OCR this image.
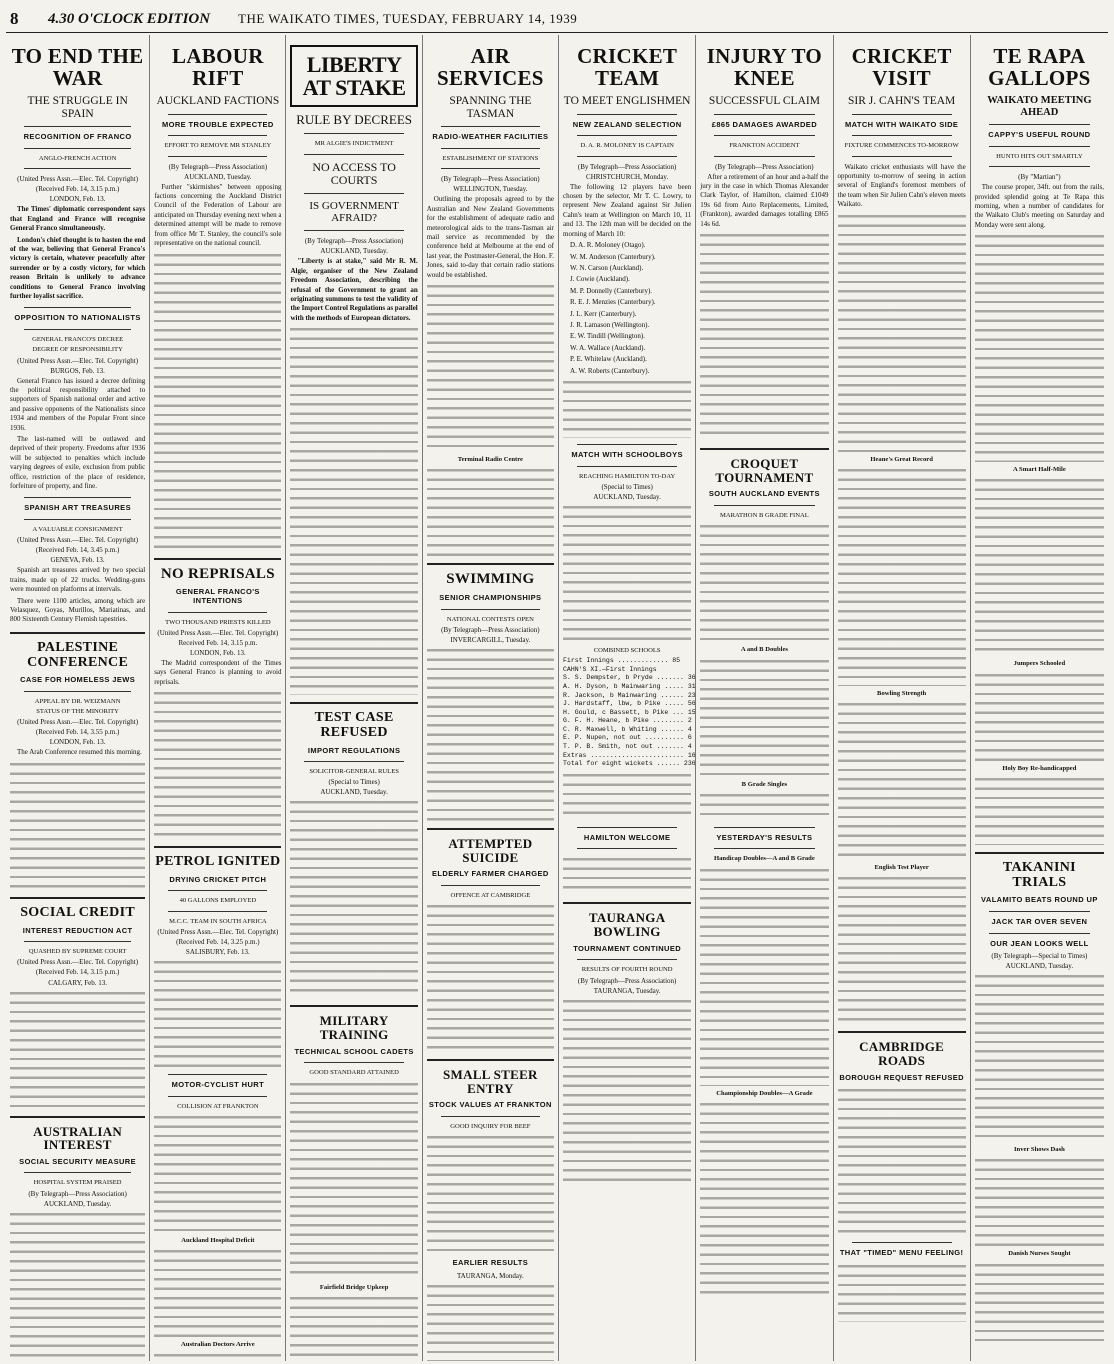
8	4.30 O'CLOCK EDITION	THE WAIKATO TIMES, TUESDAY, FEBRUARY 14, 1939
TO END THE WAR
THE STRUGGLE IN SPAIN
RECOGNITION OF FRANCO
ANGLO-FRENCH ACTION
(United Press Assn.—Elec. Tel. Copyright)
(Received Feb. 14, 3.15 p.m.)
LONDON, Feb. 13.

The Times' diplomatic correspondent says that England and France will recognise General Franco simultaneously.

London's chief thought is to hasten the end of the war, believing that General Franco's victory is certain, whatever peacefully after surrender or by a costly victory, for which reason Britain is unlikely to advance conditions to General Franco involving further loyalist sacrifice.

OPPOSITION TO NATIONALISTS
GENERAL FRANCO'S DECREE
DEGREE OF RESPONSIBILITY
(United Press Assn.—Elec. Tel. Copyright)
BURGOS, Feb. 13.

General Franco has issued a decree defining the political responsibility attached to supporters of Spanish national order and active and passive opponents of the Nationalists since 1934 and members of the Popular Front since 1936.

The last-named will be outlawed and deprived of their property. Freedoms after 1936 will be subjected to penalties which include varying degrees of exile, exclusion from public office, restriction of the place of residence, forfeiture of property, and fine.

SPANISH ART TREASURES
A VALUABLE CONSIGNMENT
(United Press Assn.—Elec. Tel. Copyright)
(Received Feb. 14, 3.45 p.m.)
GENEVA, Feb. 13.

Spanish art treasures arrived by two special trains, made up of 22 trucks. Wedding-guns were mounted on platforms at intervals.

There were 1100 articles, among which are Velasquez, Goyas, Murillos, Mariatinas, and 800 Sixteenth Century Flemish tapestries.

PALESTINE CONFERENCE
CASE FOR HOMELESS JEWS
APPEAL BY DR. WEIZMANN
STATUS OF THE MINORITY
(United Press Assn.—Elec. Tel. Copyright)
(Received Feb. 14, 3.55 p.m.)
LONDON, Feb. 13.

The Arab Conference resumed this morning.

SOCIAL CREDIT
INTEREST REDUCTION ACT
QUASHED BY SUPREME COURT
(United Press Assn.—Elec. Tel. Copyright)
(Received Feb. 14, 3.15 p.m.)
CALGARY, Feb. 13.
AUSTRALIAN INTEREST
SOCIAL SECURITY MEASURE
HOSPITAL SYSTEM PRAISED
(By Telegraph—Press Association)
AUCKLAND, Tuesday.
LABOUR RIFT
AUCKLAND FACTIONS
MORE TROUBLE EXPECTED
EFFORT TO REMOVE MR STANLEY
(By Telegraph—Press Association)
AUCKLAND, Tuesday.

Further "skirmishes" between opposing factions concerning the Auckland District Council of the Federation of Labour are anticipated on Thursday evening next when a determined attempt will be made to remove from office Mr T. Stanley, the council's sole representative on the national council.

NO REPRISALS
GENERAL FRANCO'S INTENTIONS
TWO THOUSAND PRIESTS KILLED
(United Press Assn.—Elec. Tel. Copyright)
Received Feb. 14, 3.15 p.m.
LONDON, Feb. 13.

The Madrid correspondent of the Times says General Franco is planning to avoid reprisals.

PETROL IGNITED
DRYING CRICKET PITCH
40 GALLONS EMPLOYED
M.C.C. TEAM IN SOUTH AFRICA
(United Press Assn.—Elec. Tel. Copyright)
(Received Feb. 14, 3.25 p.m.)
SALISBURY, Feb. 13.
MOTOR-CYCLIST HURT
COLLISION AT FRANKTON
Auckland Hospital Deficit
Australian Doctors Arrive
LIBERTY AT STAKE
RULE BY DECREES
MR ALGIE'S INDICTMENT
NO ACCESS TO COURTS
IS GOVERNMENT AFRAID?
(By Telegraph—Press Association)
AUCKLAND, Tuesday.

"Liberty is at stake," said Mr R. M. Algie, organiser of the New Zealand Freedom Association, describing the refusal of the Government to grant an originating summons to test the validity of the Import Control Regulations as parallel with the methods of European dictators.

TEST CASE REFUSED
IMPORT REGULATIONS
SOLICITOR-GENERAL RULES
(Special to Times)
AUCKLAND, Tuesday.
MILITARY TRAINING
TECHNICAL SCHOOL CADETS
GOOD STANDARD ATTAINED
Fairfield Bridge Upkeep
AIR SERVICES
SPANNING THE TASMAN
RADIO-WEATHER FACILITIES
ESTABLISHMENT OF STATIONS
(By Telegraph—Press Association)
WELLINGTON, Tuesday.

Outlining the proposals agreed to by the Australian and New Zealand Governments for the establishment of adequate radio and meteorological aids to the trans-Tasman air mail service as recommended by the conference held at Melbourne at the end of last year, the Postmaster-General, the Hon. F. Jones, said to-day that certain radio stations would be established.

Terminal Radio Centre
SWIMMING
SENIOR CHAMPIONSHIPS
NATIONAL CONTESTS OPEN
(By Telegraph—Press Association)
INVERCARGILL, Tuesday.
ATTEMPTED SUICIDE
ELDERLY FARMER CHARGED
OFFENCE AT CAMBRIDGE
SMALL STEER ENTRY
STOCK VALUES AT FRANKTON
GOOD INQUIRY FOR BEEF
EARLIER RESULTS
TAURANGA, Monday.
CRICKET TEAM
TO MEET ENGLISHMEN
NEW ZEALAND SELECTION
D. A. R. MOLONEY IS CAPTAIN
(By Telegraph—Press Association)
CHRISTCHURCH, Monday.

The following 12 players have been chosen by the selector, Mr T. C. Lowry, to represent New Zealand against Sir Julien Cahn's team at Wellington on March 10, 11 and 13. The 12th man will be decided on the morning of March 10:

D. A. R. Moloney (Otago).

W. M. Anderson (Canterbury).

W. N. Carson (Auckland).

J. Cowie (Auckland).

M. P. Donnelly (Canterbury).

R. E. J. Menzies (Canterbury).

J. L. Kerr (Canterbury).

J. R. Lamason (Wellington).

E. W. Tindill (Wellington).

W. A. Wallace (Auckland).

P. E. Whitelaw (Auckland).

A. W. Roberts (Canterbury).

MATCH WITH SCHOOLBOYS
REACHING HAMILTON TO-DAY
(Special to Times)
AUCKLAND, Tuesday.
COMBINED SCHOOLS
First Innings ............. 85
CAHN'S XI.—First Innings
S. S. Dempster, b Pryde ....... 36
A. H. Dyson, b Mainwaring ..... 31
R. Jackson, b Mainwaring ...... 23
J. Hardstaff, lbw, b Pike ..... 56
H. Gould, c Bassett, b Pike ... 15
G. F. H. Heane, b Pike ........ 2
C. R. Maxwell, b Whiting ...... 4
E. P. Nupen, not out .......... 6
T. P. B. Smith, not out ....... 4
Extras ........................ 16
Total for eight wickets ...... 236
HAMILTON WELCOME
TAURANGA BOWLING
TOURNAMENT CONTINUED
RESULTS OF FOURTH ROUND
(By Telegraph—Press Association)
TAURANGA, Tuesday.
INJURY TO KNEE
SUCCESSFUL CLAIM
£865 DAMAGES AWARDED
FRANKTON ACCIDENT
(By Telegraph—Press Association)

After a retirement of an hour and a-half the jury in the case in which Thomas Alexander Clark Taylor, of Hamilton, claimed £1049 19s 6d from Auto Replacements, Limited, (Frankton), awarded damages totalling £865 14s 6d.

CROQUET TOURNAMENT
SOUTH AUCKLAND EVENTS
MARATHON B GRADE FINAL
A and B Doubles
B Grade Singles
YESTERDAY'S RESULTS
Handicap Doubles—A and B Grade
Championship Doubles—A Grade
CRICKET VISIT
SIR J. CAHN'S TEAM
MATCH WITH WAIKATO SIDE
FIXTURE COMMENCES TO-MORROW

Waikato cricket enthusiasts will have the opportunity to-morrow of seeing in action several of England's foremost members of the team when Sir Julien Cahn's eleven meets Waikato.

Heane's Great Record
Bowling Strength
English Test Player
CAMBRIDGE ROADS
BOROUGH REQUEST REFUSED
THAT "TIMED" MENU FEELING!
TE RAPA GALLOPS
WAIKATO MEETING AHEAD
CAPPY'S USEFUL ROUND
HUNTO HITS OUT SMARTLY
(By "Martian")

The course proper, 34ft. out from the rails, provided splendid going at Te Rapa this morning, when a number of candidates for the Waikato Club's meeting on Saturday and Monday were sent along.

A Smart Half-Mile
Jumpers Schooled
Holy Boy Re-handicapped
TAKANINI TRIALS
VALAMITO BEATS ROUND UP
JACK TAR OVER SEVEN
OUR JEAN LOOKS WELL
(By Telegraph—Special to Times)
AUCKLAND, Tuesday.
Inver Shows Dash
Danish Nurses Sought
